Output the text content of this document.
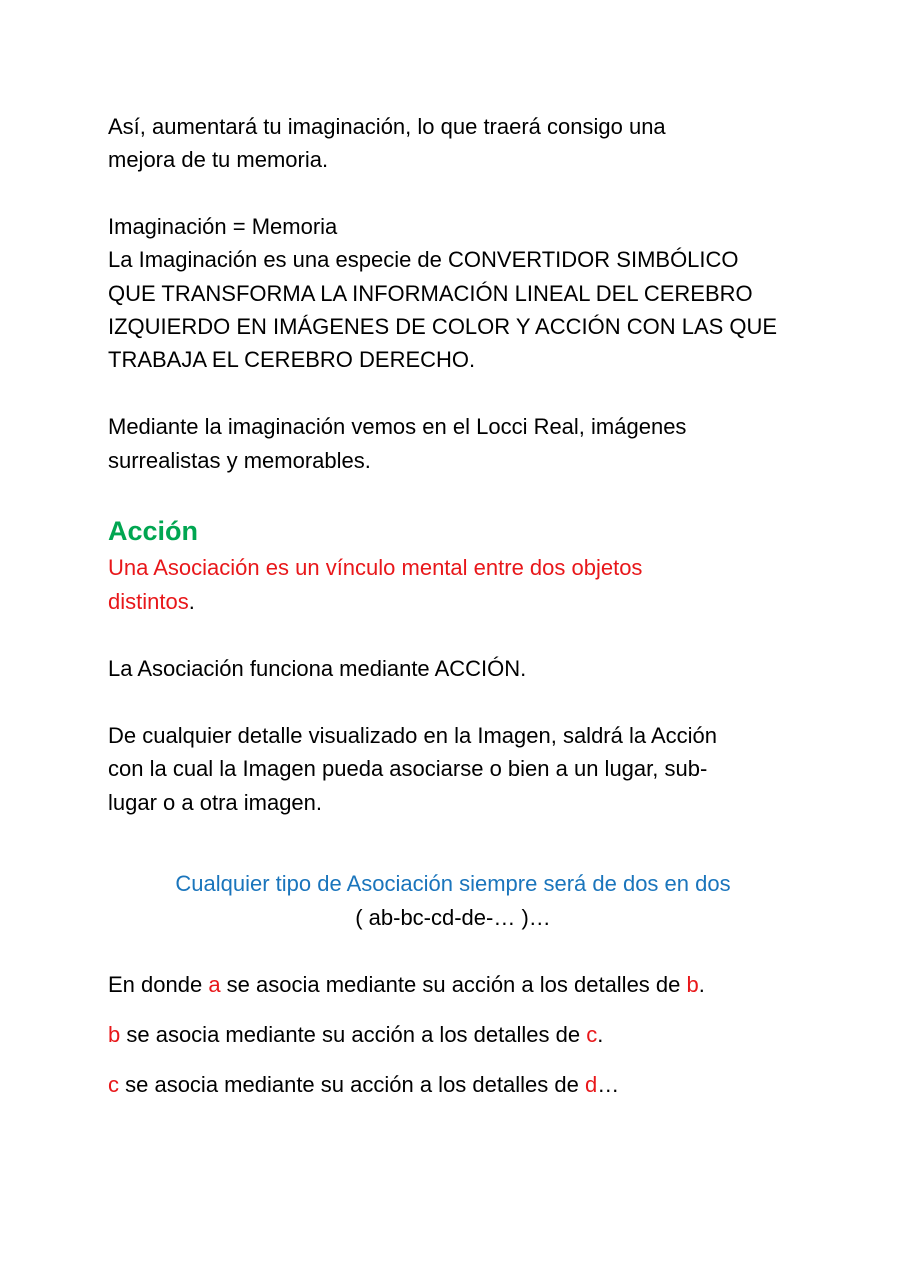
Así, aumentará tu imaginación, lo que traerá consigo una
mejora de tu memoria.
Imaginación = Memoria
La Imaginación es una especie de CONVERTIDOR SIMBÓLICO
QUE TRANSFORMA LA INFORMACIÓN LINEAL DEL CEREBRO
IZQUIERDO EN IMÁGENES DE COLOR Y ACCIÓN CON LAS QUE
TRABAJA EL CEREBRO DERECHO.
Mediante la imaginación vemos en el Locci Real, imágenes
surrealistas y memorables.
Acción
Una Asociación es un vínculo mental entre dos objetos
distintos.
La Asociación funciona mediante ACCIÓN.
De cualquier detalle visualizado en la Imagen, saldrá la Acción
con la cual la Imagen pueda asociarse o bien a un lugar, sub-
lugar o a otra imagen.
Cualquier tipo de Asociación siempre será de dos en dos
( ab-bc-cd-de-… )…
En donde a se asocia mediante su acción a los detalles de b.
b se asocia mediante su acción a los detalles de c.
c se asocia mediante su acción a los detalles de d…
